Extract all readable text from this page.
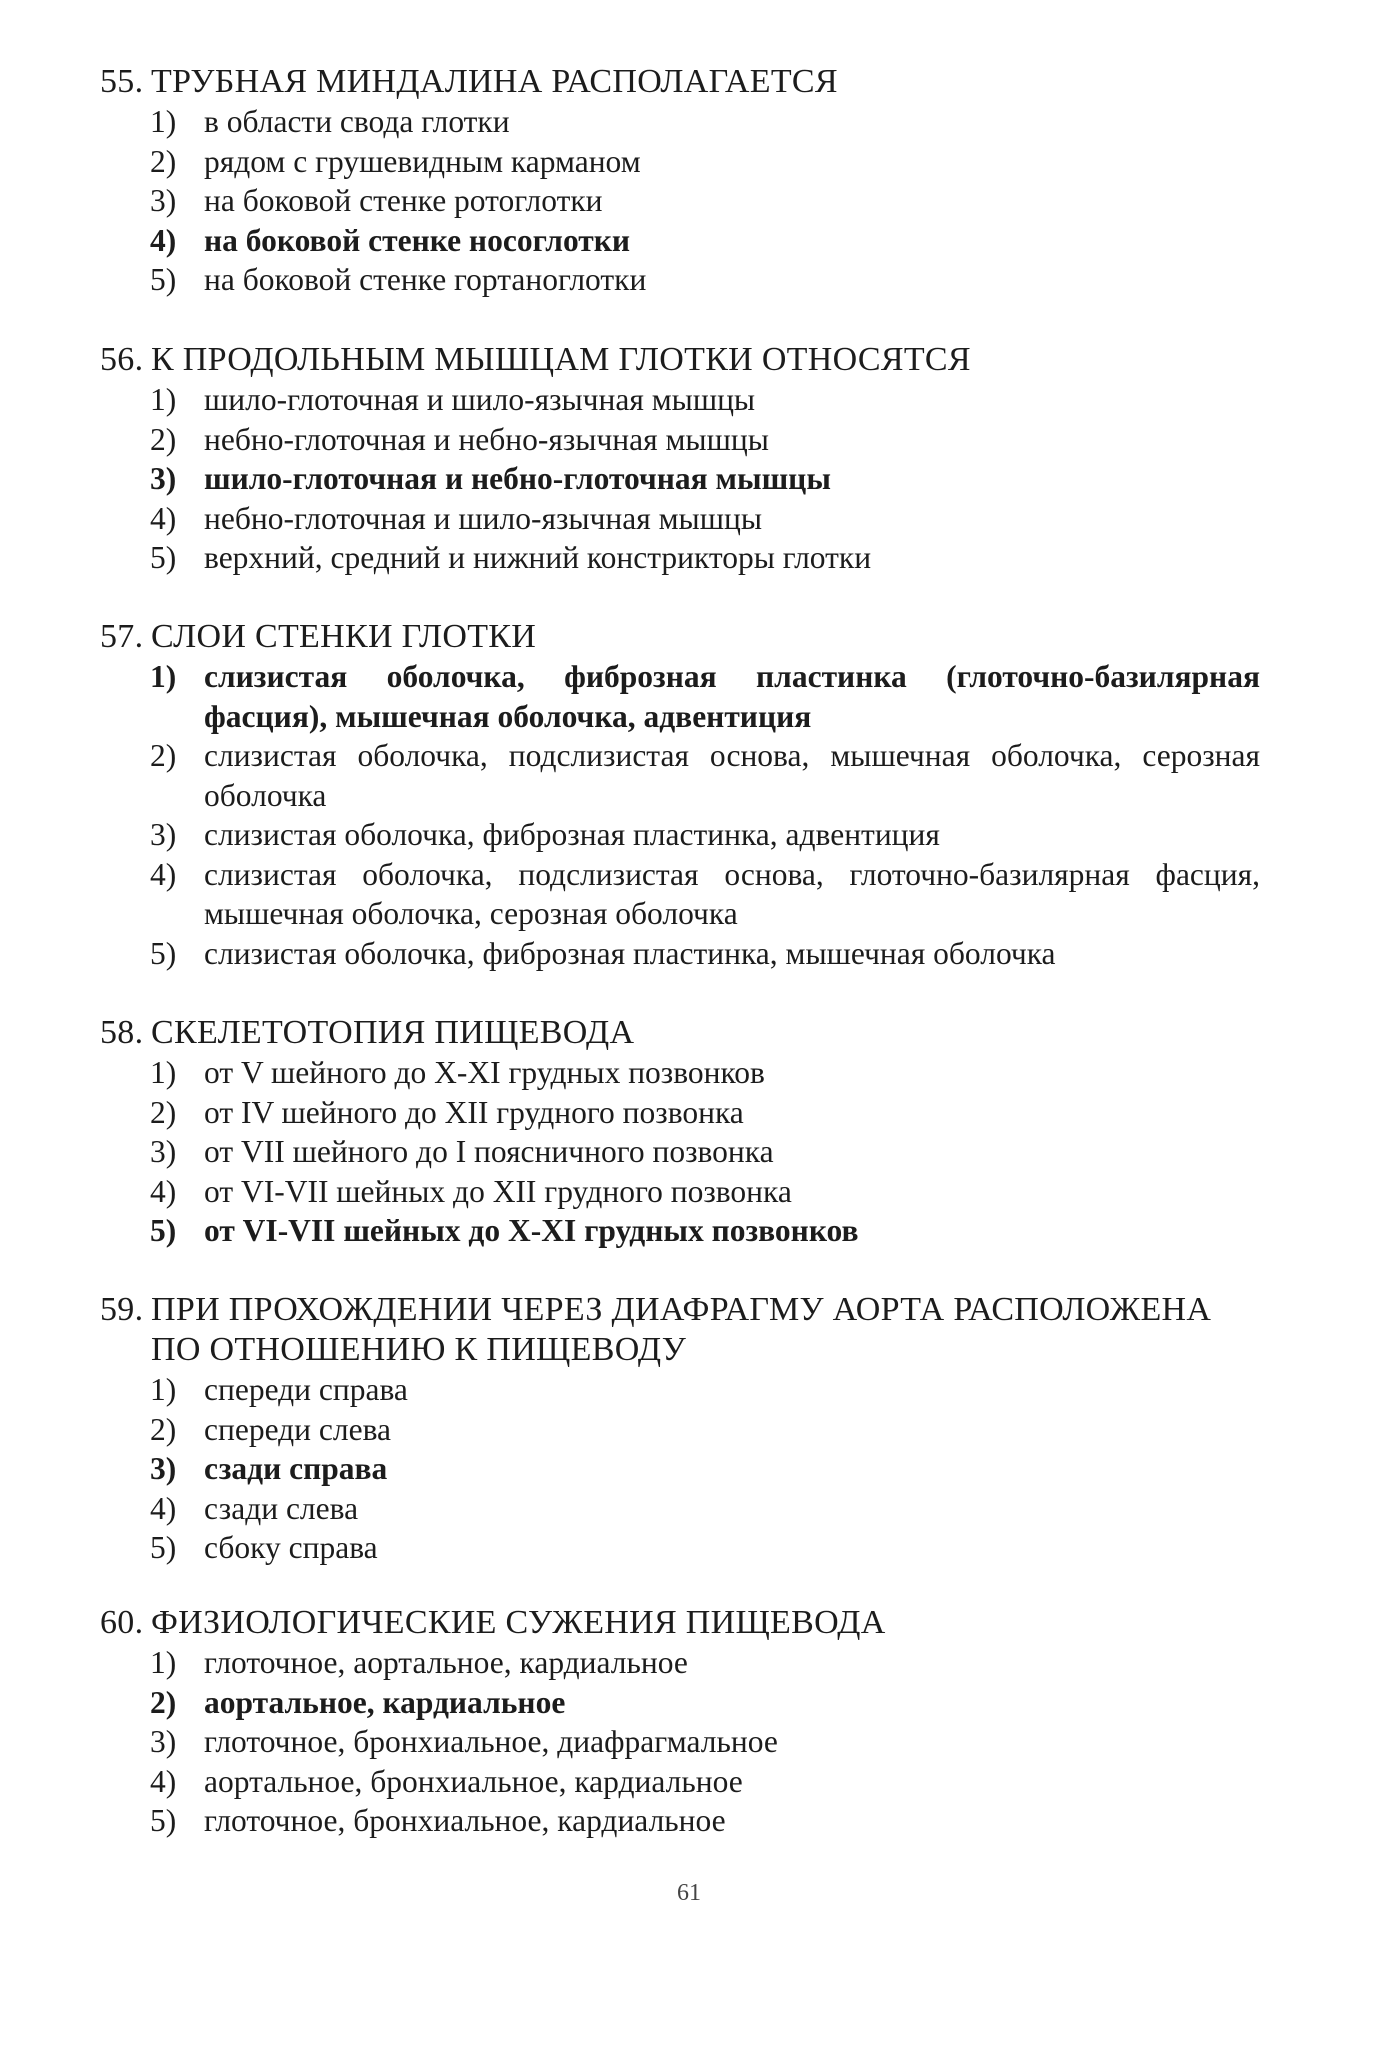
55. ТРУБНАЯ МИНДАЛИНА РАСПОЛАГАЕТСЯ
1) в области свода глотки
2) рядом с грушевидным карманом
3) на боковой стенке ротоглотки
4) на боковой стенке носоглотки
5) на боковой стенке гортаноглотки
56. К ПРОДОЛЬНЫМ МЫШЦАМ ГЛОТКИ ОТНОСЯТСЯ
1) шило-глоточная и шило-язычная мышцы
2) небно-глоточная и небно-язычная мышцы
3) шило-глоточная и небно-глоточная мышцы
4) небно-глоточная и шило-язычная мышцы
5) верхний, средний и нижний констрикторы глотки
57. СЛОИ СТЕНКИ ГЛОТКИ
1) слизистая оболочка, фиброзная пластинка (глоточно-базилярная фасция), мышечная оболочка, адвентиция
2) слизистая оболочка, подслизистая основа, мышечная оболочка, серозная оболочка
3) слизистая оболочка, фиброзная пластинка, адвентиция
4) слизистая оболочка, подслизистая основа, глоточно-базилярная фасция, мышечная оболочка, серозная оболочка
5) слизистая оболочка, фиброзная пластинка, мышечная оболочка
58. СКЕЛЕТОТОПИЯ ПИЩЕВОДА
1) от V шейного до X-XI грудных позвонков
2) от IV шейного до XII грудного позвонка
3) от VII шейного до I поясничного позвонка
4) от VI-VII шейных до XII грудного позвонка
5) от VI-VII шейных до X-XI грудных позвонков
59. ПРИ ПРОХОЖДЕНИИ ЧЕРЕЗ ДИАФРАГМУ АОРТА РАСПОЛОЖЕНА ПО ОТНОШЕНИЮ К ПИЩЕВОДУ
1) спереди справа
2) спереди слева
3) сзади справа
4) сзади слева
5) сбоку справа
60. ФИЗИОЛОГИЧЕСКИЕ СУЖЕНИЯ ПИЩЕВОДА
1) глоточное, аортальное, кардиальное
2) аортальное, кардиальное
3) глоточное, бронхиальное, диафрагмальное
4) аортальное, бронхиальное, кардиальное
5) глоточное, бронхиальное, кардиальное
61
